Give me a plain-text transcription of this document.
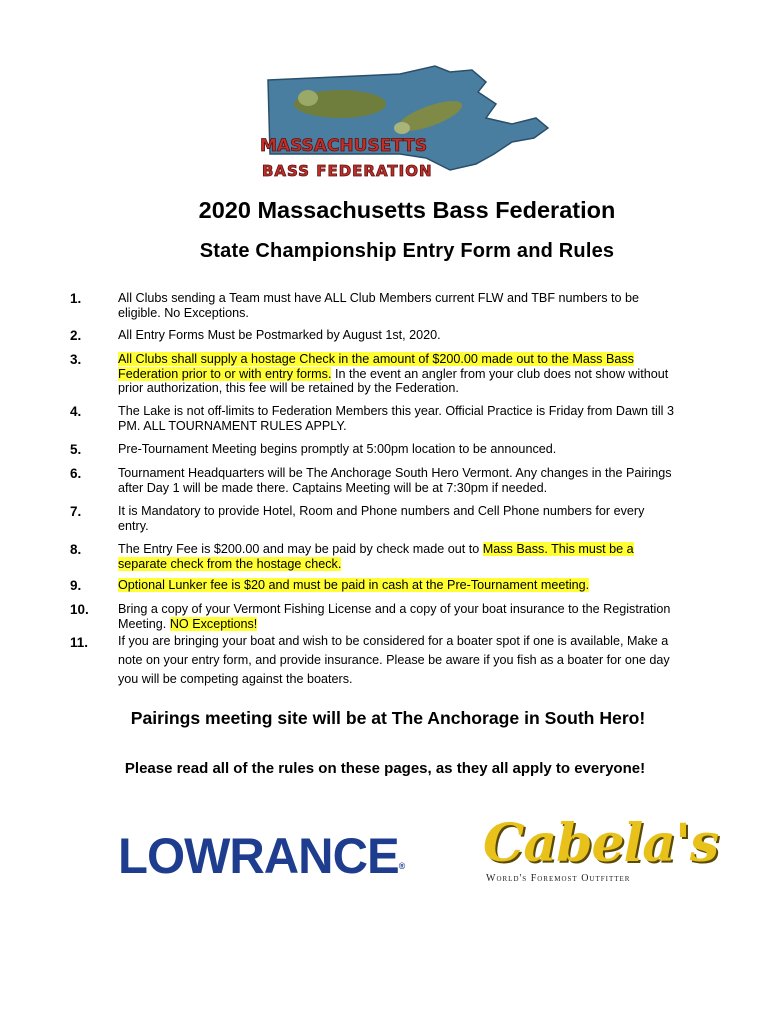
MASSACHUSETTS
BASS FEDERATION
2020 Massachusetts Bass Federation
State Championship Entry Form and Rules
1.	All Clubs sending a Team must have ALL Club Members current FLW and TBF numbers to be eligible. No Exceptions.
2.	All Entry Forms Must be Postmarked by August 1st, 2020.
3.	All Clubs shall supply a hostage Check in the amount of $200.00 made out to the Mass Bass Federation prior to or with entry forms. In the event an angler from your club does not show without prior authorization, this fee will be retained by the Federation.
4.	The Lake is not off-limits to Federation Members this year. Official Practice is Friday from Dawn till 3 PM. ALL TOURNAMENT RULES APPLY.
5.	Pre-Tournament Meeting begins promptly at 5:00pm location to be announced.
6.	Tournament Headquarters will be The Anchorage South Hero Vermont. Any changes in the Pairings after Day 1 will be made there. Captains Meeting will be at 7:30pm if needed.
7.	It is Mandatory to provide Hotel, Room and Phone numbers and Cell Phone numbers for every entry.
8.	The Entry Fee is $200.00 and may be paid by check made out to Mass Bass. This must be a separate check from the hostage check.
9.	Optional Lunker fee is $20 and must be paid in cash at the Pre-Tournament meeting.
10.	Bring a copy of your Vermont Fishing License and a copy of your boat insurance to the Registration Meeting. NO Exceptions!
11.	If you are bringing your boat and wish to be considered for a boater spot if one is available, Make a note on your entry form, and provide insurance. Please be aware if you fish as a boater for one day you will be competing against the boaters.
Pairings meeting site will be at The Anchorage in South Hero!
Please read all of the rules on these pages, as they all apply to everyone!
LOWRANCE® Cabela's
World's Foremost Outfitter
